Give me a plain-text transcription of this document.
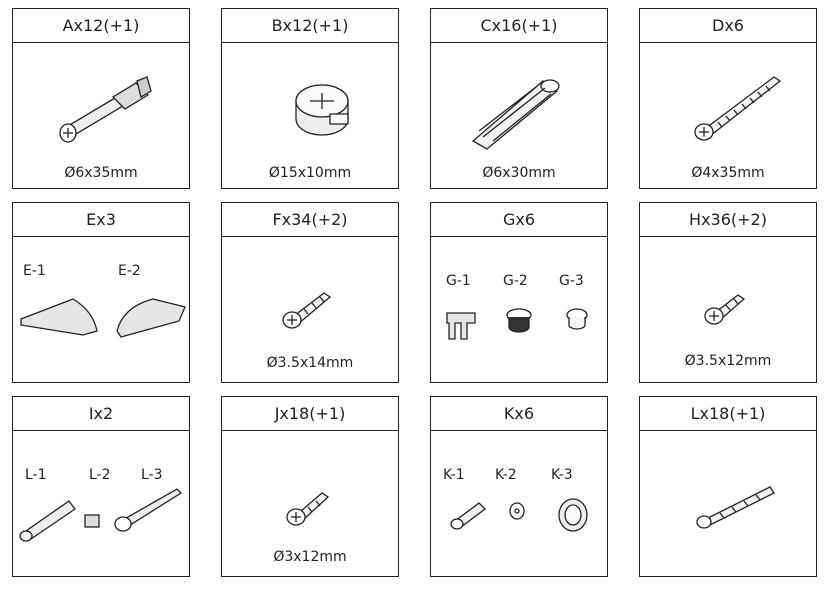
Ax12(+1)
Ø6x35mm
Bx12(+1)
Ø15x10mm
Cx16(+1)
Ø6x30mm
Dx6
Ø4x35mm
Ex3
E-1	E-2
Fx34(+2)
Ø3.5x14mm
Gx6
G-1 G-2 G-3
Hx36(+2)
Ø3.5x12mm
Ix2
L-1	L-2 L-3
Jx18(+1)
Ø3x12mm
Kx6
K-1 K-2 K-3
Lx18(+1)
